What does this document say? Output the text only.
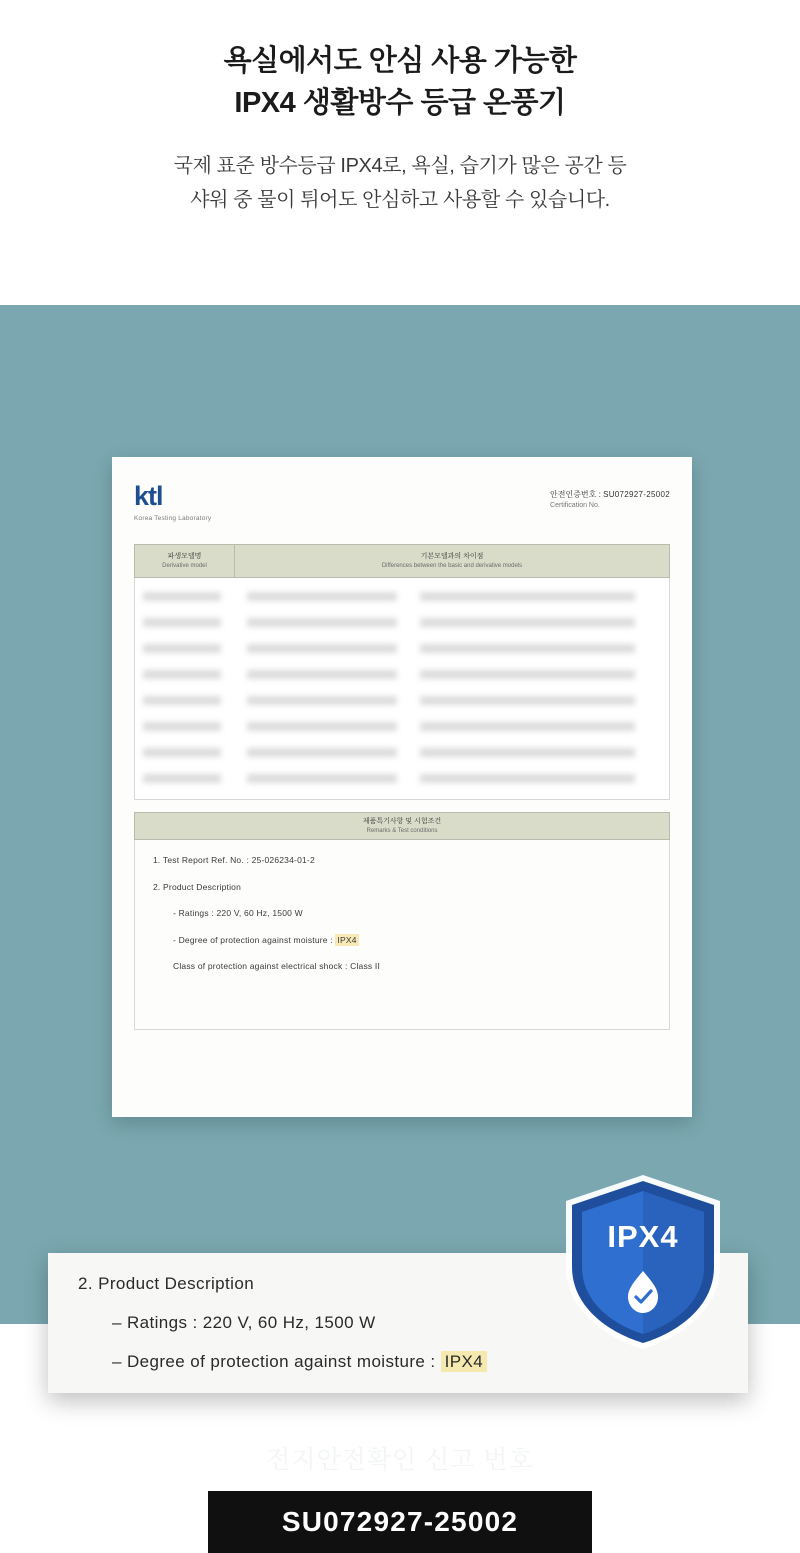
욕실에서도 안심 사용 가능한
IPX4 생활방수 등급 온풍기
국제 표준 방수등급 IPX4로, 욕실, 습기가 많은 공간 등
샤워 중 물이 튀어도 안심하고 사용할 수 있습니다.
ktl
Korea Testing Laboratory
안전인증번호 : SU072927-25002
Certification No.
파생모델명
Derivative model
기본모델과의 차이점
Differences between the basic and derivative models
제품특기사항 및 시험조건
Remarks & Test conditions
1. Test Report Ref. No. : 25-026234-01-2
2. Product Description
- Ratings : 220 V, 60 Hz, 1500 W
- Degree of protection against moisture : IPX4
Class of protection against electrical shock : Class II
2. Product Description
– Ratings : 220 V, 60 Hz, 1500 W
– Degree of protection against moisture : IPX4
IPX4
전지안전확인 신고 번호
SU072927-25002
